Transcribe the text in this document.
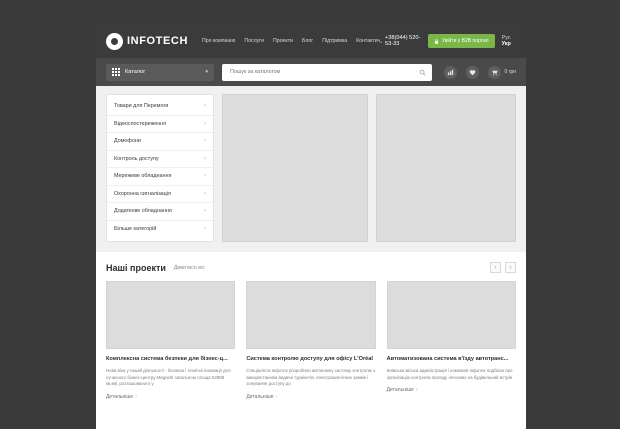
INFOTECH	Про компанію Послуги Проекти Блог Підтримка Контакти +38(044) 520-53-33	Увійти у B2B портал Рус Укр
Каталог	▾
Пошук за каталогом	0 грн
Товари для Перемоги	›
Відеоспостереження	›
Домофони	›
Контроль доступу	›
Мережеве обладнання	›
Охоронна сигналізація	›
Додаткове обладнання	›
Більше категорій	›
Наші проекти Дивитися всі	‹	›
Комплексна система безпеки для бізнес-ц...
Нова віха у нашій діяльності - безпека і технічні інновації для сучасного бізнес-центру Magnetit загальною площа 52988 кв.мй, розташованого у
Детальніше ›
Система контролю доступу для офісу L'Oréal
Спеціалісти Інфотех розробили автономну систему контролю з використанням видачи турнікетів, електромагнітних замків і зонування доступу до
Детальніше ›
Автоматизована система в'їзду автотранс...
Київська міська адміністрація і компанія Інфотех подбали про організацію контролю проїзду легкових на будівельний встрів
Детальніше ›
